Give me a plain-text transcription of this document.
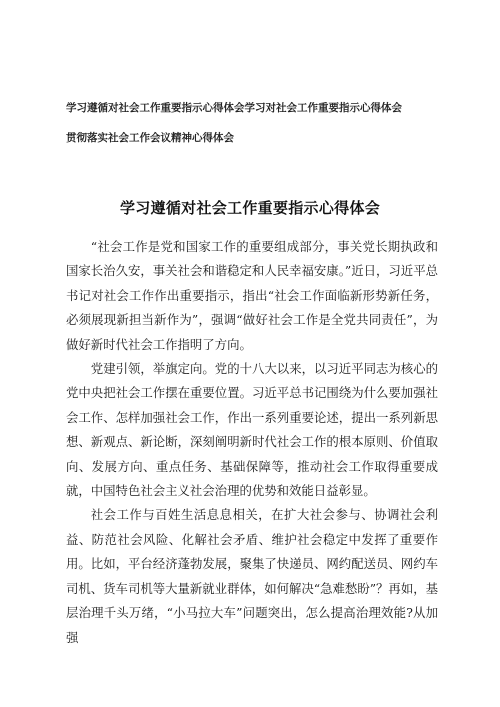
学习遵循对社会工作重要指示心得体会学习对社会工作重要指示心得体会

贯彻落实社会工作会议精神心得体会

学习遵循对社会工作重要指示心得体会

“社会工作是党和国家工作的重要组成部分，事关党长期执政和国家长治久安，事关社会和谐稳定和人民幸福安康。”近日，习近平总书记对社会工作作出重要指示，指出“社会工作面临新形势新任务，必须展现新担当新作为”，强调“做好社会工作是全党共同责任”，为做好新时代社会工作指明了方向。

党建引领，举旗定向。党的十八大以来，以习近平同志为核心的党中央把社会工作摆在重要位置。习近平总书记围绕为什么要加强社会工作、怎样加强社会工作，作出一系列重要论述，提出一系列新思想、新观点、新论断，深刻阐明新时代社会工作的根本原则、价值取向、发展方向、重点任务、基础保障等，推动社会工作取得重要成就，中国特色社会主义社会治理的优势和效能日益彰显。

社会工作与百姓生活息息相关，在扩大社会参与、协调社会利益、防范社会风险、化解社会矛盾、维护社会稳定中发挥了重要作用。比如，平台经济蓬勃发展，聚集了快递员、网约配送员、网约车司机、货车司机等大量新就业群体，如何解决“急难愁盼”？再如，基层治理千头万绪，“小马拉大车”问题突出，怎么提高治理效能?从加强
